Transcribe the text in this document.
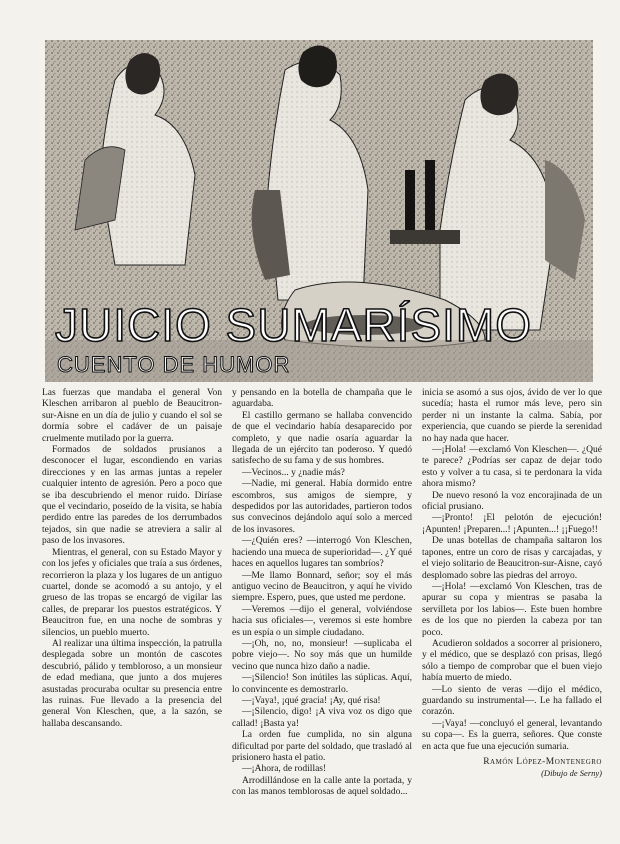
JUICIO SUMARÍSIMO
CUENTO DE HUMOR

Las fuerzas que mandaba el general Von Kleschen arribaron al pueblo de Beaucitron-sur-Aisne en un día de julio y cuando el sol se dormía sobre el cadáver de un paisaje cruelmente mutilado por la guerra.

Formados de soldados prusianos a desconocer el lugar, escondiendo en varias direcciones y en las armas juntas a repeler cualquier intento de agresión. Pero a poco que se iba descubriendo el menor ruido. Diríase que el vecindario, poseído de la visita, se había perdido entre las paredes de los derrumbados tejados, sin que nadie se atreviera a salir al paso de los invasores.

Mientras, el general, con su Estado Mayor y con los jefes y oficiales que traía a sus órdenes, recorrieron la plaza y los lugares de un antiguo cuartel, donde se acomodó a su antojo, y el grueso de las tropas se encargó de vigilar las calles, de preparar los puestos estratégicos. Y Beaucitron fue, en una noche de sombras y silencios, un pueblo muerto.

Al realizar una última inspección, la patrulla desplegada sobre un montón de cascotes descubrió, pálido y tembloroso, a un monsieur de edad mediana, que junto a dos mujeres asustadas procuraba ocultar su presencia entre las ruinas. Fue llevado a la presencia del general Von Kleschen, que, a la sazón, se hallaba descansando.

y pensando en la botella de champaña que le aguardaba.

El castillo germano se hallaba convencido de que el vecindario había desaparecido por completo, y que nadie osaría aguardar la llegada de un ejército tan poderoso. Y quedó satisfecho de su fama y de sus hombres.

—Vecinos... y ¿nadie más?

—Nadie, mi general. Había dormido entre escombros, sus amigos de siempre, y despedidos por las autoridades, partieron todos sus convecinos dejándolo aquí solo a merced de los invasores.

—¿Quién eres? —interrogó Von Kleschen, haciendo una mueca de superioridad—. ¿Y qué haces en aquellos lugares tan sombríos?

—Me llamo Bonnard, señor; soy el más antiguo vecino de Beaucitron, y aquí he vivido siempre. Espero, pues, que usted me perdone.

—Veremos —dijo el general, volviéndose hacia sus oficiales—, veremos si este hombre es un espía o un simple ciudadano.

—¡Oh, no, no, monsieur! —suplicaba el pobre viejo—. No soy más que un humilde vecino que nunca hizo daño a nadie.

—¡Silencio! Son inútiles las súplicas. Aquí, lo convincente es demostrarlo.

—¡Vaya!, ¡qué gracia! ¡Ay, qué risa!

—¡Silencio, digo! ¡A viva voz os digo que callad! ¡Basta ya!

La orden fue cumplida, no sin alguna dificultad por parte del soldado, que trasladó al prisionero hasta el patio.

—¡Ahora, de rodillas!

Arrodillándose en la calle ante la portada, y con las manos temblorosas de aquel soldado...

inicia se asomó a sus ojos, ávido de ver lo que sucedía; hasta el rumor más leve, pero sin perder ni un instante la calma. Sabía, por experiencia, que cuando se pierde la serenidad no hay nada que hacer.

—¡Hola! —exclamó Von Kleschen—. ¿Qué te parece? ¿Podrías ser capaz de dejar todo esto y volver a tu casa, si te perdonara la vida ahora mismo?

De nuevo resonó la voz encorajinada de un oficial prusiano.

—¡Pronto! ¡El pelotón de ejecución! ¡Apunten! ¡Preparen...! ¡Apunten...! ¡¡Fuego!!

De unas botellas de champaña saltaron los tapones, entre un coro de risas y carcajadas, y el viejo solitario de Beaucitron-sur-Aisne, cayó desplomado sobre las piedras del arroyo.

—¡Hola! —exclamó Von Kleschen, tras de apurar su copa y mientras se pasaba la servilleta por los labios—. Este buen hombre es de los que no pierden la cabeza por tan poco.

Acudieron soldados a socorrer al prisionero, y el médico, que se desplazó con prisas, llegó sólo a tiempo de comprobar que el buen viejo había muerto de miedo.

—Lo siento de veras —dijo el médico, guardando su instrumental—. Le ha fallado el corazón.

—¡Vaya! —concluyó el general, levantando su copa—. Es la guerra, señores. Que conste en acta que fue una ejecución sumaria.

Ramón López-Montenegro
(Dibujo de Serny)
